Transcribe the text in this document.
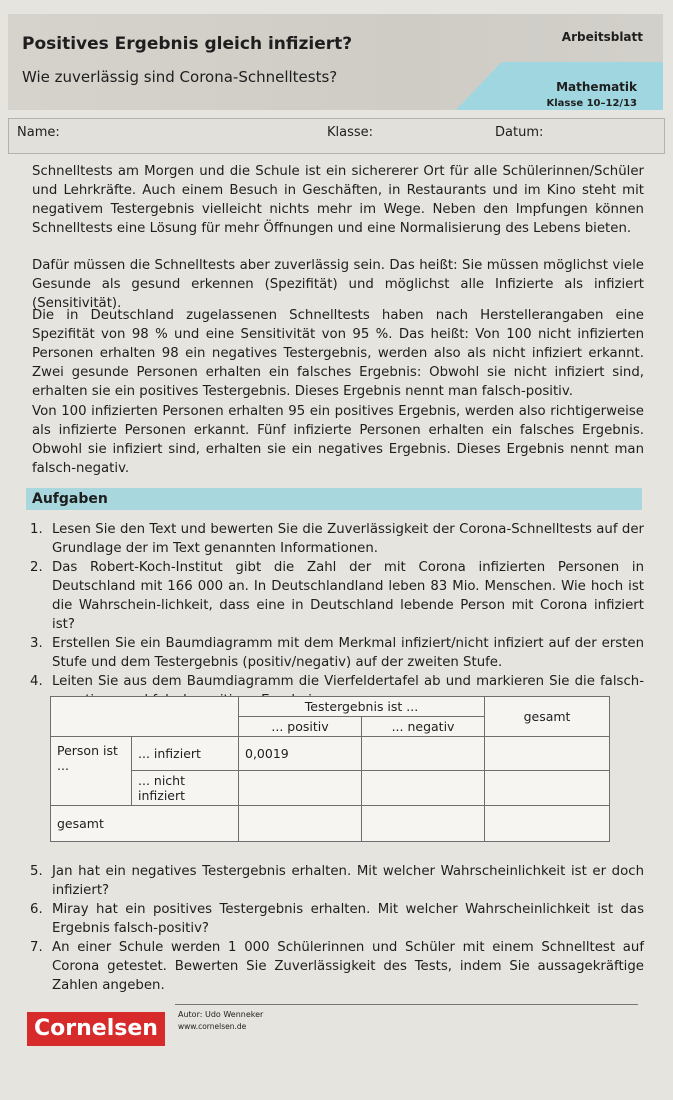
Positives Ergebnis gleich infiziert?
Wie zuverlässig sind Corona-Schnelltests?
Arbeitsblatt
Mathematik
Klasse 10–12/13
Name:	Klasse:	Datum:

Schnelltests am Morgen und die Schule ist ein sichererer Ort für alle Schülerinnen/Schüler und Lehrkräfte. Auch einem Besuch in Geschäften, in Restaurants und im Kino steht mit negativem Testergebnis vielleicht nichts mehr im Wege. Neben den Impfungen können Schnelltests eine Lösung für mehr Öffnungen und eine Normalisierung des Lebens bieten.

Dafür müssen die Schnelltests aber zuverlässig sein. Das heißt: Sie müssen möglichst viele Gesunde als gesund erkennen (Spezifität) und möglichst alle Infizierte als infiziert (Sensitivität).

Die in Deutschland zugelassenen Schnelltests haben nach Herstellerangaben eine Spezifität von 98 % und eine Sensitivität von 95 %. Das heißt: Von 100 nicht infizierten Personen erhalten 98 ein negatives Testergebnis, werden also als nicht infiziert erkannt. Zwei gesunde Personen erhalten ein falsches Ergebnis: Obwohl sie nicht infiziert sind, erhalten sie ein positives Testergebnis. Dieses Ergebnis nennt man falsch-positiv.

Von 100 infizierten Personen erhalten 95 ein positives Ergebnis, werden also richtigerweise als infizierte Personen erkannt. Fünf infizierte Personen erhalten ein falsches Ergebnis. Obwohl sie infiziert sind, erhalten sie ein negatives Ergebnis. Dieses Ergebnis nennt man falsch-negativ.

Aufgaben
1. Lesen Sie den Text und bewerten Sie die Zuverlässigkeit der Corona-Schnelltests auf der Grundlage der im Text genannten Informationen.
2. Das Robert-Koch-Institut gibt die Zahl der mit Corona infizierten Personen in Deutschland mit 166 000 an. In Deutschlandland leben 83 Mio. Menschen. Wie hoch ist die Wahrschein-lichkeit, dass eine in Deutschland lebende Person mit Corona infiziert ist?
3. Erstellen Sie ein Baumdiagramm mit dem Merkmal infiziert/nicht infiziert auf der ersten Stufe und dem Testergebnis (positiv/negativ) auf der zweiten Stufe.
4. Leiten Sie aus dem Baumdiagramm die Vierfeldertafel ab und markieren Sie die falsch-
		Testergebnis ist ...		gesamt
		... positiv	... negativ	
Person ist ...	... infiziert	0,0019		
	... nicht infiziert			
gesamt				
5. Jan hat ein negatives Testergebnis erhalten. Mit welcher Wahrscheinlichkeit ist er doch infiziert?
6. Miray hat ein positives Testergebnis erhalten. Mit welcher Wahrscheinlichkeit ist das Ergebnis falsch-positiv?
7. An einer Schule werden 1 000 Schülerinnen und Schüler mit einem Schnelltest auf Corona getestet. Bewerten Sie Zuverlässigkeit des Tests, indem Sie aussagekräftige Zahlen angeben.
Cornelsen
Autor: Udo Wenneker
www.cornelsen.de
